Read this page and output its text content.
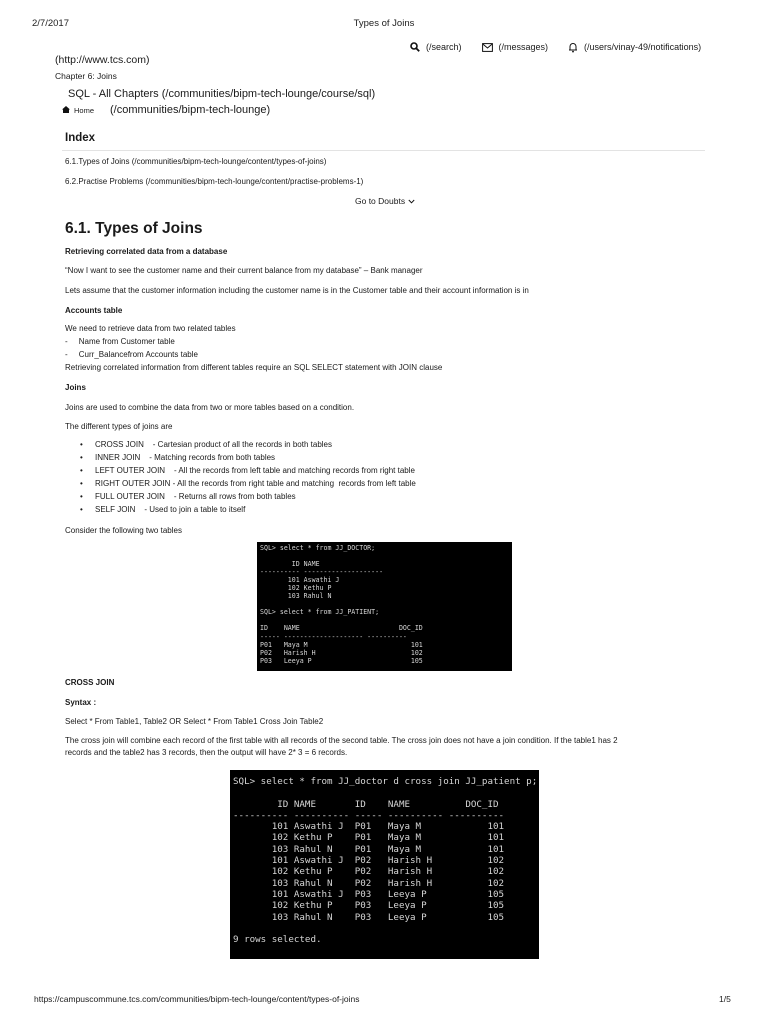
2/7/2017	Types of Joins
(/search)	(/messages)	(/users/vinay-49/notifications)
(http://www.tcs.com)
Chapter 6: Joins
SQL - All Chapters (/communities/bipm-tech-lounge/course/sql)
Home (/communities/bipm-tech-lounge)
Index
6.1.Types of Joins (/communities/bipm-tech-lounge/content/types-of-joins)
6.2.Practise Problems (/communities/bipm-tech-lounge/content/practise-problems-1)
Go to Doubts
6.1. Types of Joins
Retrieving correlated data from a database
“Now I want to see the customer name and their current balance from my database” – Bank manager
Lets assume that the customer information including the customer name is in the Customer table and their account information is in
Accounts table
We need to retrieve data from two related tables
-     Name from Customer table
-     Curr_Balancefrom Accounts table
Retrieving correlated information from different tables require an SQL SELECT statement with JOIN clause
Joins
Joins are used to combine the data from two or more tables based on a condition.
The different types of joins are
• CROSS JOIN    - Cartesian product of all the records in both tables
• INNER JOIN    - Matching records from both tables
• LEFT OUTER JOIN    - All the records from left table and matching records from right table
• RIGHT OUTER JOIN - All the records from right table and matching  records from left table
• FULL OUTER JOIN    - Returns all rows from both tables
• SELF JOIN    - Used to join a table to itself
Consider the following two tables
SQL> select * from JJ_DOCTOR;

ID NAME
---------- --------------------
101 Aswathi J
102 Kethu P
103 Rahul N

SQL> select * from JJ_PATIENT;

ID    NAME                         DOC_ID
----- -------------------- ----------
P01   Maya M                          101
P02   Harish H                        102
P03   Leeya P                         105
CROSS JOIN
Syntax :
Select * From Table1, Table2 OR Select * From Table1 Cross Join Table2
The cross join will combine each record of the first table with all records of the second table. The cross join does not have a join condition. If the table1 has 2
records and the table2 has 3 records, then the output will have 2* 3 = 6 records.
SQL> select * from JJ_doctor d cross join JJ_patient p;

ID NAME       ID    NAME          DOC_ID
---------- ---------- ----- ---------- ----------
101 Aswathi J  P01   Maya M            101
102 Kethu P    P01   Maya M            101
103 Rahul N    P01   Maya M            101
101 Aswathi J  P02   Harish H          102
102 Kethu P    P02   Harish H          102
103 Rahul N    P02   Harish H          102
101 Aswathi J  P03   Leeya P           105
102 Kethu P    P03   Leeya P           105
103 Rahul N    P03   Leeya P           105

9 rows selected.
https://campuscommune.tcs.com/communities/bipm-tech-lounge/content/types-of-joins	1/5
